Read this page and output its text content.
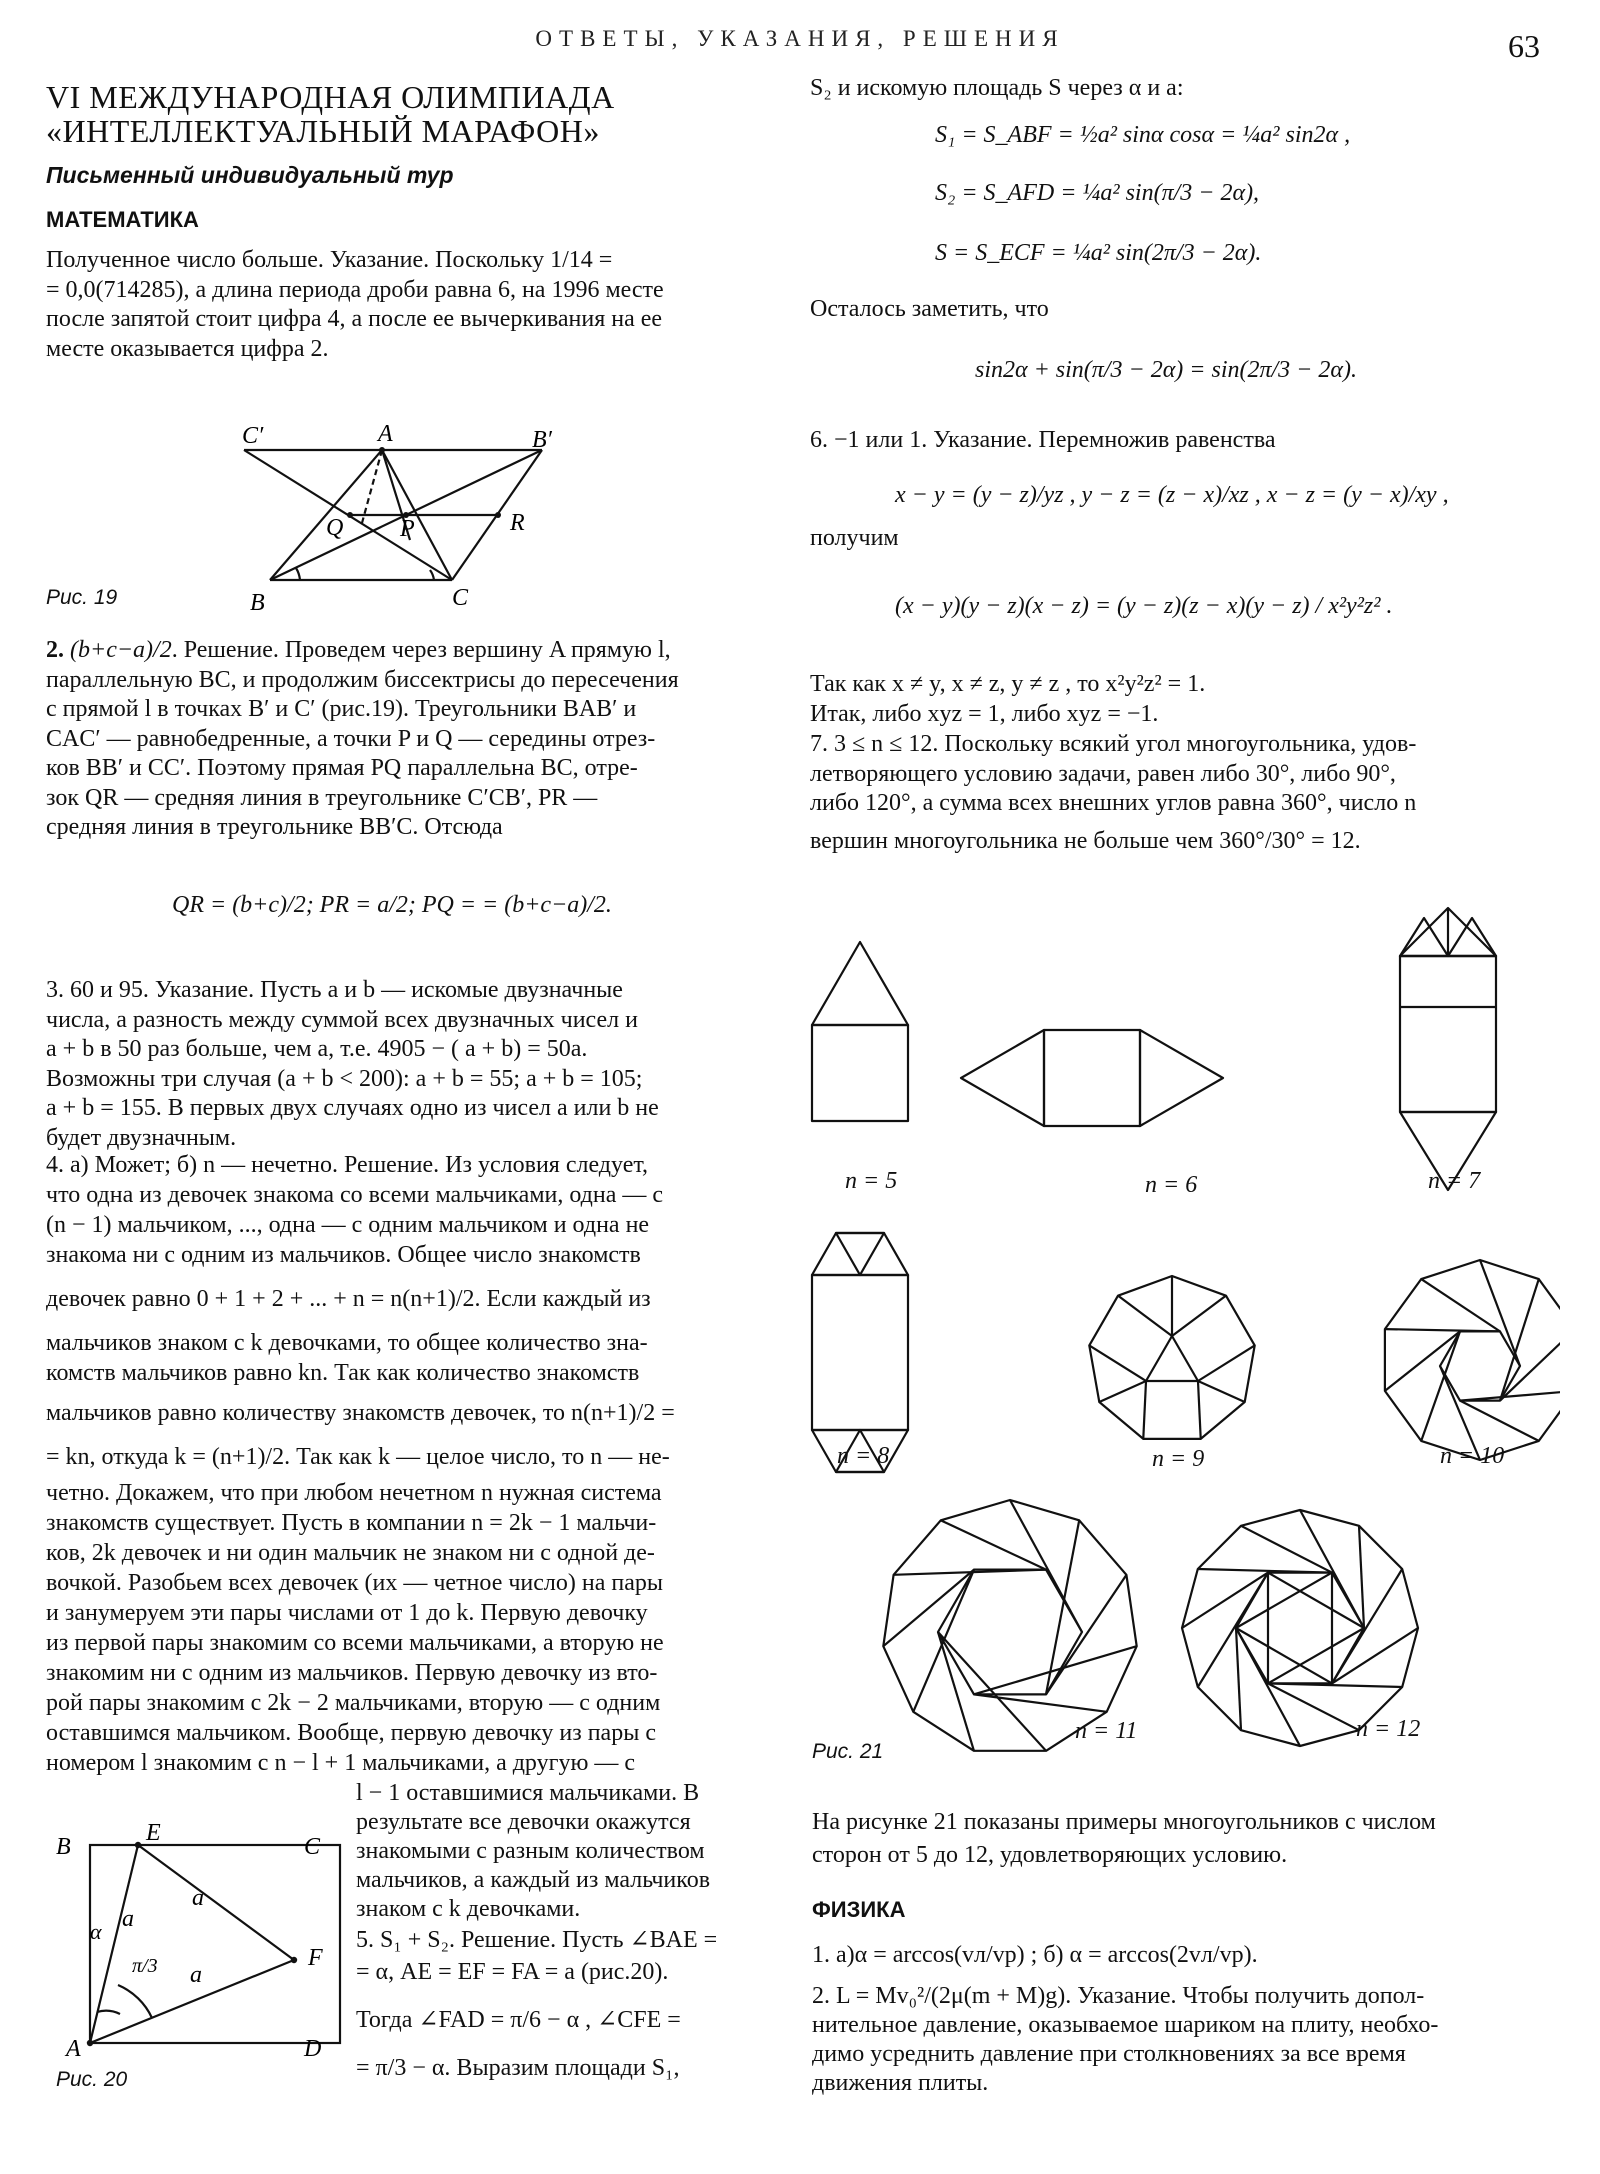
ОТВЕТЫ, УКАЗАНИЯ, РЕШЕНИЯ	63
VI МЕЖДУНАРОДНАЯ ОЛИМПИАДА
«ИНТЕЛЛЕКТУАЛЬНЫЙ МАРАФОН»
Письменный индивидуальный тур
МАТЕМАТИКА

Полученное число больше. Указание. Поскольку 1/14 =

= 0,0(714285), а длина периода дроби равна 6, на 1996 месте

после запятой стоит цифра 4, а после ее вычеркивания на ее

месте оказывается цифра 2.

C′	A	B′
Q P	R
B	C
Рис. 19

2. (b+c−a)/2. Решение. Проведем через вершину A прямую l,

параллельную BC, и продолжим биссектрисы до пересечения

с прямой l в точках B′ и C′ (рис.19). Треугольники BAB′ и

CAC′ — равнобедренные, а точки P и Q — середины отрез-

ков BB′ и CC′. Поэтому прямая PQ параллельна BC, отре-

зок QR — средняя линия в треугольнике C′CB′, PR —

средняя линия в треугольнике BB′C. Отсюда

QR = (b+c)/2; PR = a/2; PQ = = (b+c−a)/2.

3. 60 и 95. Указание. Пусть a и b — искомые двузначные

числа, а разность между суммой всех двузначных чисел и

a + b в 50 раз больше, чем a, т.е. 4905 − ( a + b) = 50a.

Возможны три случая (a + b < 200): a + b = 55; a + b = 105;

a + b = 155. В первых двух случаях одно из чисел a или b не

будет двузначным.

4. а) Может; б) n — нечетно. Решение. Из условия следует,

что одна из девочек знакома со всеми мальчиками, одна — с

(n − 1) мальчиком, ..., одна — с одним мальчиком и одна не

знакома ни с одним из мальчиков. Общее число знакомств

девочек равно 0 + 1 + 2 + ... + n = n(n+1)/2. Если каждый из

мальчиков знаком с k девочками, то общее количество зна-

комств мальчиков равно kn. Так как количество знакомств

мальчиков равно количеству знакомств девочек, то n(n+1)/2 =

= kn, откуда k = (n+1)/2. Так как k — целое число, то n — не-

четно. Докажем, что при любом нечетном n нужная система

знакомств существует. Пусть в компании n = 2k − 1 мальчи-

ков, 2k девочек и ни один мальчик не знаком ни с одной де-

вочкой. Разобьем всех девочек (их — четное число) на пары

и занумеруем эти пары числами от 1 до k. Первую девочку

из первой пары знакомим со всеми мальчиками, а вторую не

знакомим ни с одним из мальчиков. Первую девочку из вто-

рой пары знакомим с 2k − 2 мальчиками, вторую — с одним

оставшимся мальчиком. Вообще, первую девочку из пары с

номером l знакомим с n − l + 1 мальчиками, а другую — с

l − 1 оставшимися мальчиками. В

результате все девочки окажутся

знакомыми с разным количеством

мальчиков, а каждый из мальчиков

знаком с k девочками.

5. S₁ + S₂. Решение. Пусть ∠BAE =

= α, AE = EF = FA = a (рис.20).

Тогда ∠FAD = π/6 − α , ∠CFE =

= π/3 − α. Выразим площади S₁,

B
E
C
α a
a
π/3 a
F
A	D
Рис. 20

S₂ и искомую площадь S через α и a:

S₁ = S_ABF = ½a² sinα cosα = ¼a² sin2α ,
S₂ = S_AFD = ¼a² sin(π/3 − 2α),
S = S_ECF = ¼a² sin(2π/3 − 2α).
Осталось заметить, что
sin2α + sin(π/3 − 2α) = sin(2π/3 − 2α).
6. −1 или 1. Указание. Перемножив равенства
x − y = (y − z)/yz , y − z = (z − x)/xz , x − z = (y − x)/xy ,
получим
(x − y)(y − z)(x − z) = (y − z)(z − x)(y − z) / x²y²z² .

Так как x ≠ y, x ≠ z, y ≠ z , то x²y²z² = 1.

Итак, либо xyz = 1, либо xyz = −1.

7. 3 ≤ n ≤ 12. Поскольку всякий угол многоугольника, удов-

летворяющего условию задачи, равен либо 30°, либо 90°,

либо 120°, а сумма всех внешних углов равна 360°, число n

вершин многоугольника не больше чем 360°/30° = 12.

n = 5	n = 6	n = 7
n = 8	n = 9	n = 10
n = 11	n = 12
Рис. 21

На рисунке 21 показаны примеры многоугольников с числом

сторон от 5 до 12, удовлетворяющих условию.

ФИЗИКА
1. а)α = arccos(vл/vр) ; б) α = arccos(2vл/vр).

2. L = Mv₀²/(2μ(m + M)g). Указание. Чтобы получить допол-

нительное давление, оказываемое шариком на плиту, необхо-

димо усреднить давление при столкновениях за все время

движения плиты.
